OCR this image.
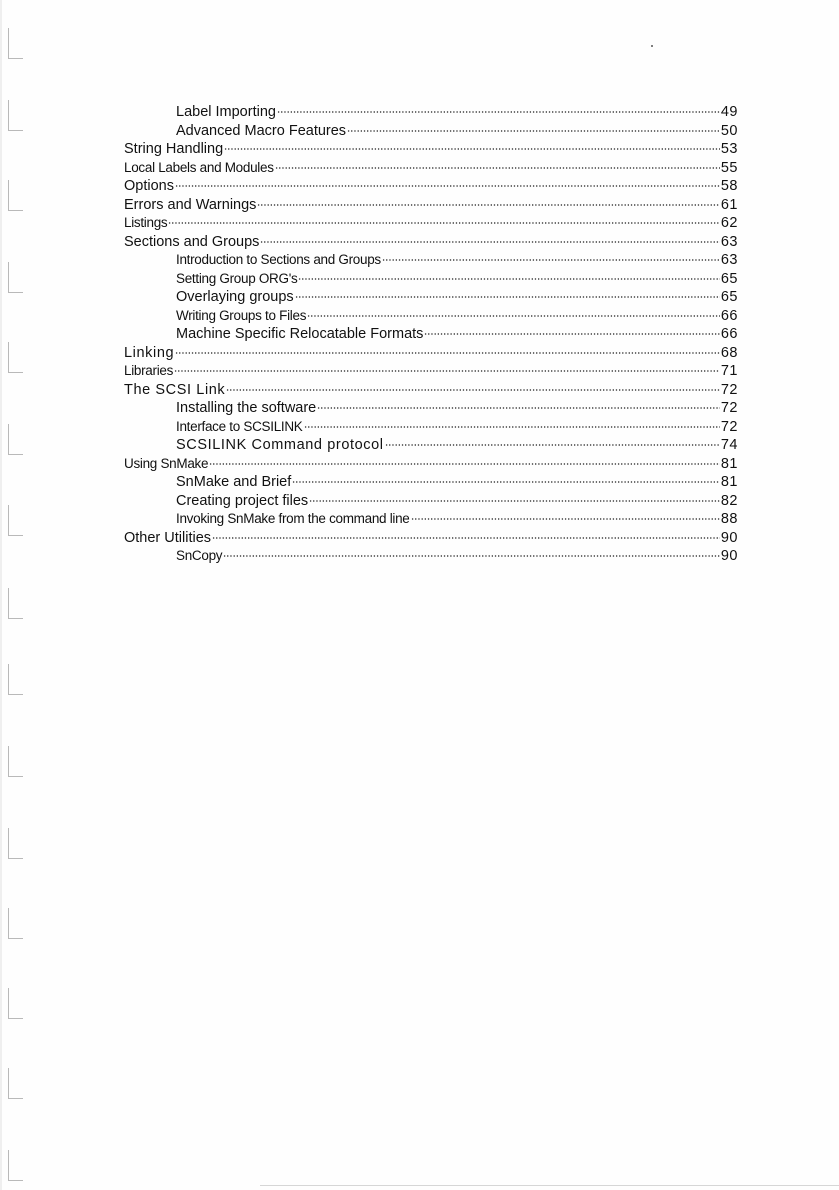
Label Importing	49
Advanced Macro Features	50
String Handling	53
Local Labels and Modules	55
Options	58
Errors and Warnings	61
Listings	62
Sections and Groups	63
Introduction to Sections and Groups	63
Setting Group ORG's	65
Overlaying groups	65
Writing Groups to Files	66
Machine Specific Relocatable Formats	66
Linking	68
Libraries	71
The SCSI Link	72
Installing the software	72
Interface to SCSILINK	72
SCSILINK Command protocol	74
Using SnMake	81
SnMake and Brief	81
Creating project files	82
Invoking SnMake from the command line	88
Other Utilities	90
SnCopy	90
